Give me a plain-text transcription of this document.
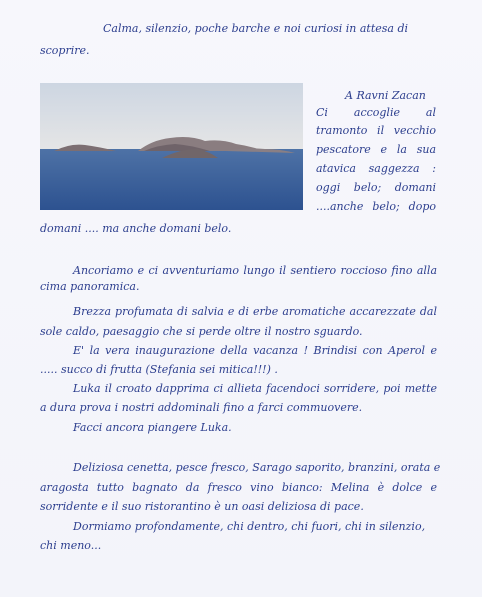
Calma, silenzio, poche barche e noi curiosi in attesa di
scoprire.
A Ravni Zacan
Ci accoglie al
tramonto il vecchio
pescatore e la sua
atavica saggezza :
oggi belo; domani
....anche belo; dopo
domani .... ma anche domani belo.
Ancoriamo e ci avventuriamo lungo il sentiero roccioso fino alla
cima panoramica.
Brezza profumata di salvia e di erbe aromatiche accarezzate dal
sole caldo, paesaggio che si perde oltre il nostro sguardo.
E' la vera inaugurazione della vacanza ! Brindisi con Aperol e
..... succo di frutta (Stefania sei mitica!!!) .
Luka il croato dapprima ci allieta facendoci sorridere, poi mette
a dura prova i nostri addominali fino a farci commuovere.
Facci ancora piangere Luka.
Deliziosa cenetta, pesce fresco, Sarago saporito, branzini, orata e
aragosta tutto bagnato da fresco vino bianco: Melina è dolce e
sorridente e il suo ristorantino è un oasi deliziosa di pace.
Dormiamo profondamente, chi dentro, chi fuori, chi in silenzio,
chi meno...
